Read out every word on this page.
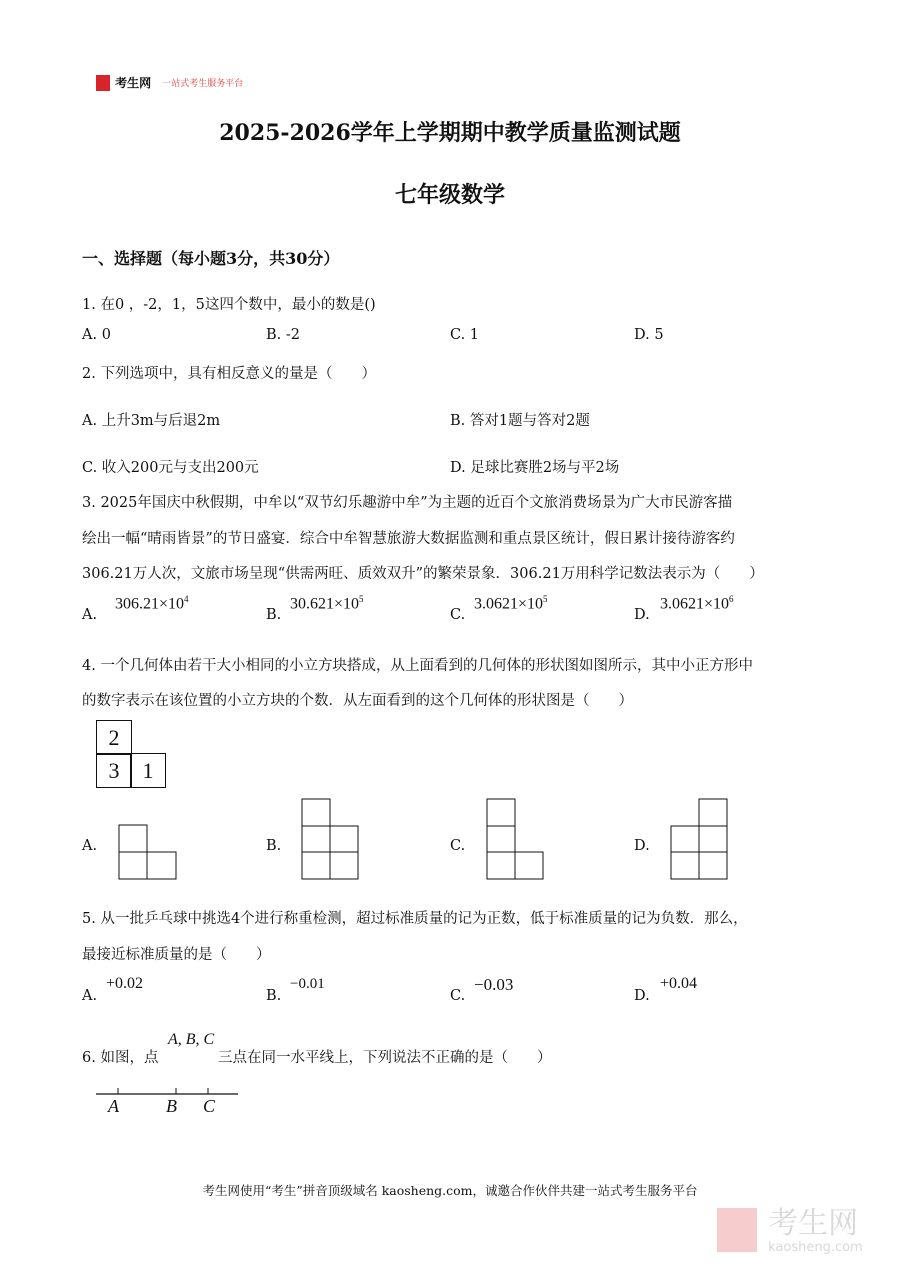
考生网 一站式考生服务平台
2025-2026学年上学期期中教学质量监测试题
七年级数学
一、选择题（每小题3分，共30分）
1. 在0 ，-2，1，5这四个数中，最小的数是()
A. 0	B. -2	C. 1	D. 5
2. 下列选项中，具有相反意义的量是（　　）
A. 上升3m与后退2m	B. 答对1题与答对2题
C. 收入200元与支出200元	D. 足球比赛胜2场与平2场
3. 2025年国庆中秋假期，中牟以“双节幻乐趣游中牟”为主题的近百个文旅消费场景为广大市民游客描
绘出一幅“晴雨皆景”的节日盛宴．综合中牟智慧旅游大数据监测和重点景区统计，假日累计接待游客约
306.21万人次，文旅市场呈现“供需两旺、质效双升”的繁荣景象．306.21万用科学记数法表示为（　　）
A.
$306.21\times 10^4$
B.
$30.621\times 10^5$
C.
$3.0621\times 10^5$
D.
$3.0621\times 10^6$
4. 一个几何体由若干大小相同的小立方块搭成，从上面看到的几何体的形状图如图所示，其中小正方形中
的数字表示在该位置的小立方块的个数．从左面看到的这个几何体的形状图是（　　）
2
3	1
A.	B.	C.	D.
5. 从一批乒乓球中挑选4个进行称重检测，超过标准质量的记为正数，低于标准质量的记为负数．那么，
最接近标准质量的是（　　）
A.
+0.02
B.
−0.01
C.
−0.03
D.
+0.04
6. 如图，点
A, B, C
三点在同一水平线上，下列说法不正确的是（　　）
A	B C
考生网使用“考生”拼音顶级域名 kaosheng.com，诚邀合作伙伴共建一站式考生服务平台

考生网
kaosheng.com
